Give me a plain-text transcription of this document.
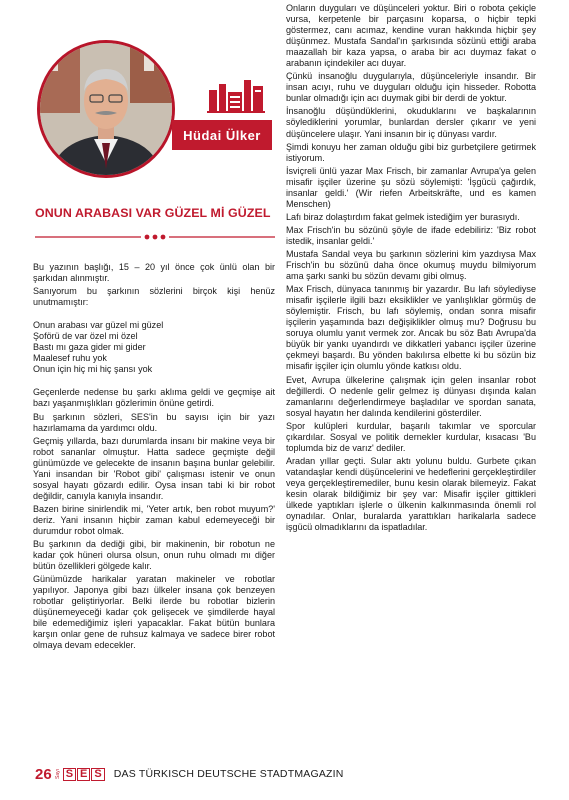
Hüdai Ülker
ONUN ARABASI VAR GÜZEL Mİ GÜZEL

Bu yazının başlığı, 15 – 20 yıl önce çok ünlü olan bir şarkıdan alınmıştır.

Sanıyorum bu şarkının sözlerini birçok kişi henüz unutmamıştır:

Onun arabası var güzel mi güzel
Şoförü de var özel mi özel
Bastı mı gaza gider mi gider
Maalesef ruhu yok
Onun için hiç mi hiç şansı yok

Geçenlerde nedense bu şarkı aklıma geldi ve geçmişe ait bazı yaşanmışlıkları gözlerimin önüne getirdi.

Bu şarkının sözleri, SES'in bu sayısı için bir yazı hazırlamama da yardımcı oldu.

Geçmiş yıllarda, bazı durumlarda insanı bir makine veya bir robot sananlar olmuştur. Hatta sadece geçmişte değil günümüzde ve gelecekte de insanın başına bunlar gelebilir. Yani insandan bir 'Robot gibi' çalışması istenir ve onun sosyal hayatı gözardı edilir. Oysa insan tabi ki bir robot değildir, canıyla kanıyla insandır.

Bazen birine sinirlendik mi, 'Yeter artık, ben robot muyum?' deriz. Yani insanın hiçbir zaman kabul edemeyeceği bir durumdur robot olmak.

Bu şarkının da dediği gibi, bir makinenin, bir robotun ne kadar çok hüneri olursa olsun, onun ruhu olmadı mı diğer bütün özellikleri gölgede kalır.

Günümüzde harikalar yaratan makineler ve robotlar yapılıyor. Japonya gibi bazı ülkeler insana çok benzeyen robotlar geliştiriyorlar. Belki ilerde bu robotlar bizlerin düşünemeyeceği kadar çok gelişecek ve şimdilerde hayal bile edemediğimiz işleri yapacaklar. Fakat bütün bunlara karşın onlar gene de ruhsuz kalmaya ve sadece birer robot olmaya devam edecekler.

Onların duyguları ve düşünceleri yoktur. Biri o robota çekiçle vursa, kerpetenle bir parçasını koparsa, o hiçbir tepki göstermez, canı acımaz, kendine vuran hakkında hiçbir şey düşünmez. Mustafa Sandal'ın şarkısında sözünü ettiği araba maazallah bir kaza yapsa, o araba bir acı duymaz fakat o arabanın içindekiler acı duyar.

Çünkü insanoğlu duygularıyla, düşünceleriyle insandır. Bir insan acıyı, ruhu ve duyguları olduğu için hisseder. Robotta bunlar olmadığı için acı duymak gibi bir derdi de yoktur.

İnsanoğlu düşündüklerini, okuduklarını ve başkalarının söylediklerini yorumlar, bunlardan dersler çıkarır ve yeni düşüncelere ulaşır. Yani insanın bir iç dünyası vardır.

Şimdi konuyu her zaman olduğu gibi biz gurbetçilere getirmek istiyorum.

İsviçreli ünlü yazar Max Frisch, bir zamanlar Avrupa'ya gelen misafir işçiler üzerine şu sözü söylemişti: 'İşgücü çağırdık, insanlar geldi.' (Wir riefen Arbeitskräfte, und es kamen Menschen)

Lafı biraz dolaştırdım fakat gelmek istediğim yer burasıydı.

Max Frisch'in bu sözünü şöyle de ifade edebiliriz: 'Biz robot istedik, insanlar geldi.'

Mustafa Sandal veya bu şarkının sözlerini kim yazdıysa Max Frisch'in bu sözünü daha önce okumuş muydu bilmiyorum ama şarkı sanki bu sözün devamı gibi olmuş.

Max Frisch, dünyaca tanınmış bir yazardır. Bu lafı söylediyse misafir işçilerle ilgili bazı eksiklikler ve yanlışlıklar görmüş de söylemiştir. Frisch, bu lafı söylemiş, ondan sonra misafir işçilerin yaşamında bazı değişiklikler olmuş mu? Doğrusu bu soruya olumlu yanıt vermek zor. Ancak bu söz Batı Avrupa'da büyük bir yankı uyandırdı ve dikkatleri yabancı işçiler üzerine çekmeyi başardı. Bu yönden bakılırsa elbette ki bu sözün biz misafir işçiler için olumlu yönde katkısı oldu.

Evet, Avrupa ülkelerine çalışmak için gelen insanlar robot değillerdi. O nedenle gelir gelmez iş dünyası dışında kalan zamanlarını değerlendirmeye başladılar ve spordan sanata, sosyal hayatın her dalında kendilerini gösterdiler.

Spor kulüpleri kurdular, başarılı takımlar ve sporcular çıkardılar. Sosyal ve politik dernekler kurdular, kısacası 'Bu toplumda biz de varız' dediler.

Aradan yıllar geçti. Sular aktı yolunu buldu. Gurbete çıkan vatandaşlar kendi düşüncelerini ve hedeflerini gerçekleştirdiler veya gerçekleştiremediler, bunu kesin olarak bilemeyiz. Fakat kesin olarak bildiğimiz bir şey var: Misafir işçiler gittikleri ülkede yaptıkları işlerle o ülkenin kalkınmasında önemli rol oynadılar. Onlar, buralarda yarattıkları harikalarla sadece işgücü olmadıklarını da ispatladılar.

26 Sayı S E S DAS TÜRKISCH DEUTSCHE STADTMAGAZIN
